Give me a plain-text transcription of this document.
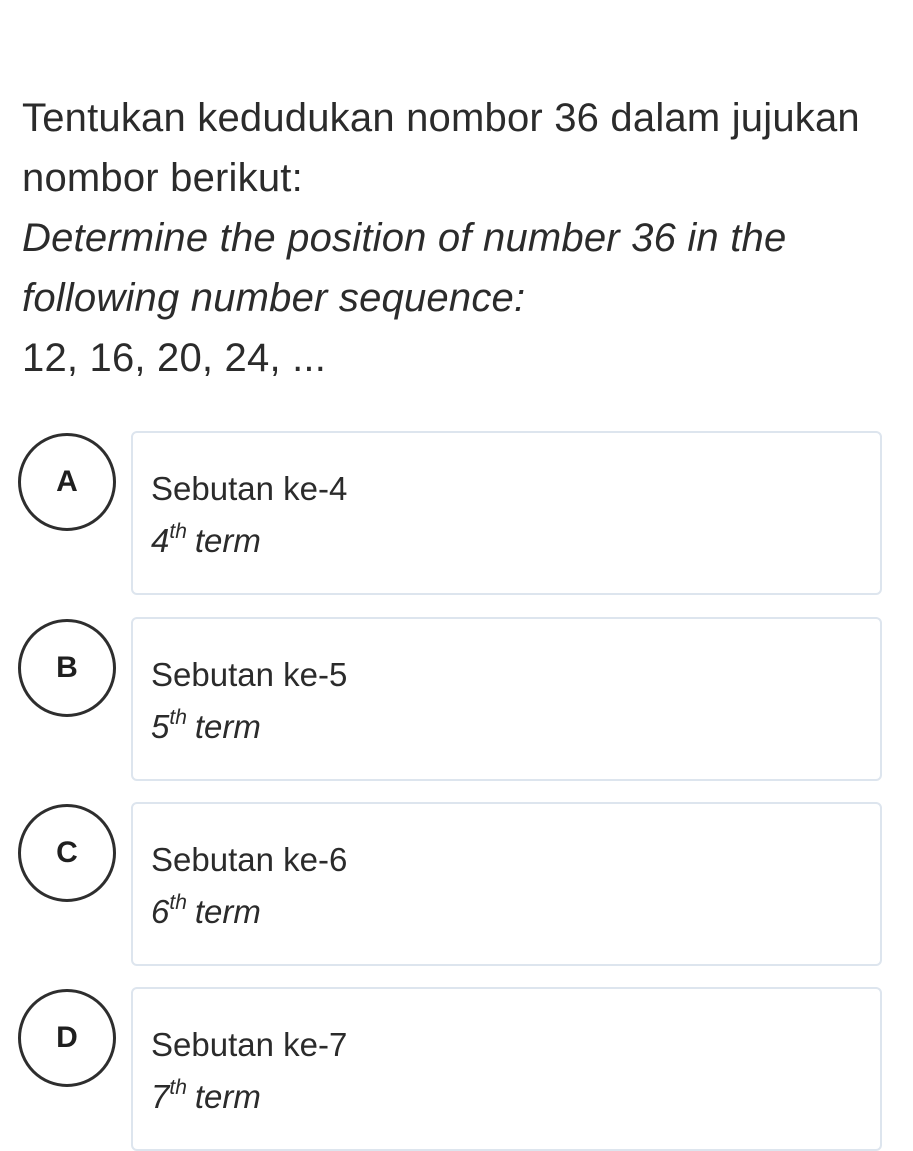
Tentukan kedudukan nombor 36 dalam jujukan
nombor berikut:
Determine the position of number 36 in the
following number sequence:
12, 16, 20, 24, ...
A	Sebutan ke-4
4th term
B	Sebutan ke-5
5th term
C	Sebutan ke-6
6th term
D	Sebutan ke-7
7th term
